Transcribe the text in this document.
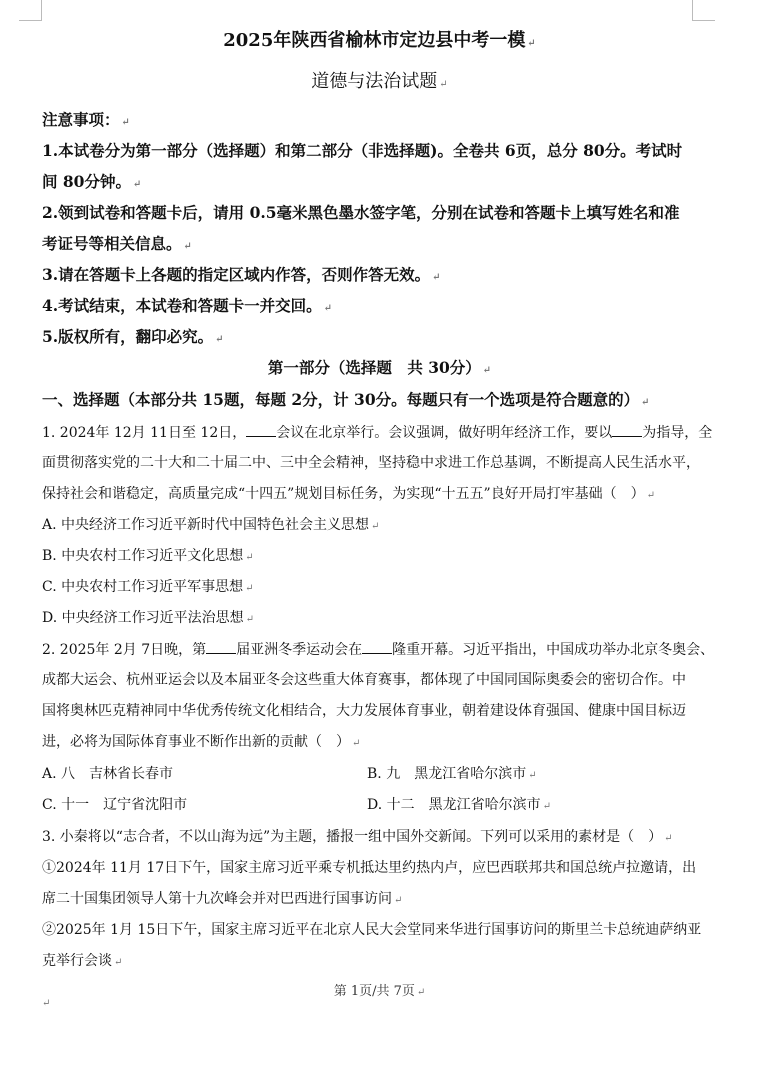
2025年陕西省榆林市定边县中考一模 ↵
道德与法治试题 ↵
注意事项： ↵
1.本试卷分为第一部分（选择题）和第二部分（非选择题)。全卷共 6页，总分 80分。考试时
间 80分钟。 ↵
2.领到试卷和答题卡后，请用 0.5毫米黑色墨水签字笔，分别在试卷和答题卡上填写姓名和准
考证号等相关信息。 ↵
3.请在答题卡上各题的指定区域内作答，否则作答无效。 ↵
4.考试结束，本试卷和答题卡一并交回。 ↵
5.版权所有，翻印必究。 ↵
第一部分（选择题　共 30分） ↵
一、选择题（本部分共 15题，每题 2分，计 30分。每题只有一个选项是符合题意的） ↵
1. 2024年 12月 11日至 12日， 会议在北京举行。会议强调，做好明年经济工作，要以 为指导，全
面贯彻落实党的二十大和二十届二中、三中全会精神，坚持稳中求进工作总基调，不断提高人民生活水平，
保持社会和谐稳定，高质量完成“十四五”规划目标任务，为实现“十五五”良好开局打牢基础（　） ↵
A. 中央经济工作习近平新时代中国特色社会主义思想 ↵
B. 中央农村工作习近平文化思想 ↵
C. 中央农村工作习近平军事思想 ↵
D. 中央经济工作习近平法治思想 ↵
2. 2025年 2月 7日晚，第 届亚洲冬季运动会在 隆重开幕。习近平指出，中国成功举办北京冬奥会、
成都大运会、杭州亚运会以及本届亚冬会这些重大体育赛事，都体现了中国同国际奥委会的密切合作。中
国将奥林匹克精神同中华优秀传统文化相结合，大力发展体育事业，朝着建设体育强国、健康中国目标迈
进，必将为国际体育事业不断作出新的贡献（　） ↵
A. 八　吉林省长春市	B. 九　黑龙江省哈尔滨市 ↵
C. 十一　辽宁省沈阳市	D. 十二　黑龙江省哈尔滨市 ↵
3. 小秦将以“志合者，不以山海为远”为主题，播报一组中国外交新闻。下列可以采用的素材是（　） ↵
①2024年 11月 17日下午，国家主席习近平乘专机抵达里约热内卢，应巴西联邦共和国总统卢拉邀请，出
席二十国集团领导人第十九次峰会并对巴西进行国事访问 ↵
②2025年 1月 15日下午，国家主席习近平在北京人民大会堂同来华进行国事访问的斯里兰卡总统迪萨纳亚
克举行会谈 ↵
第 1页/共 7页 ↵
↵
